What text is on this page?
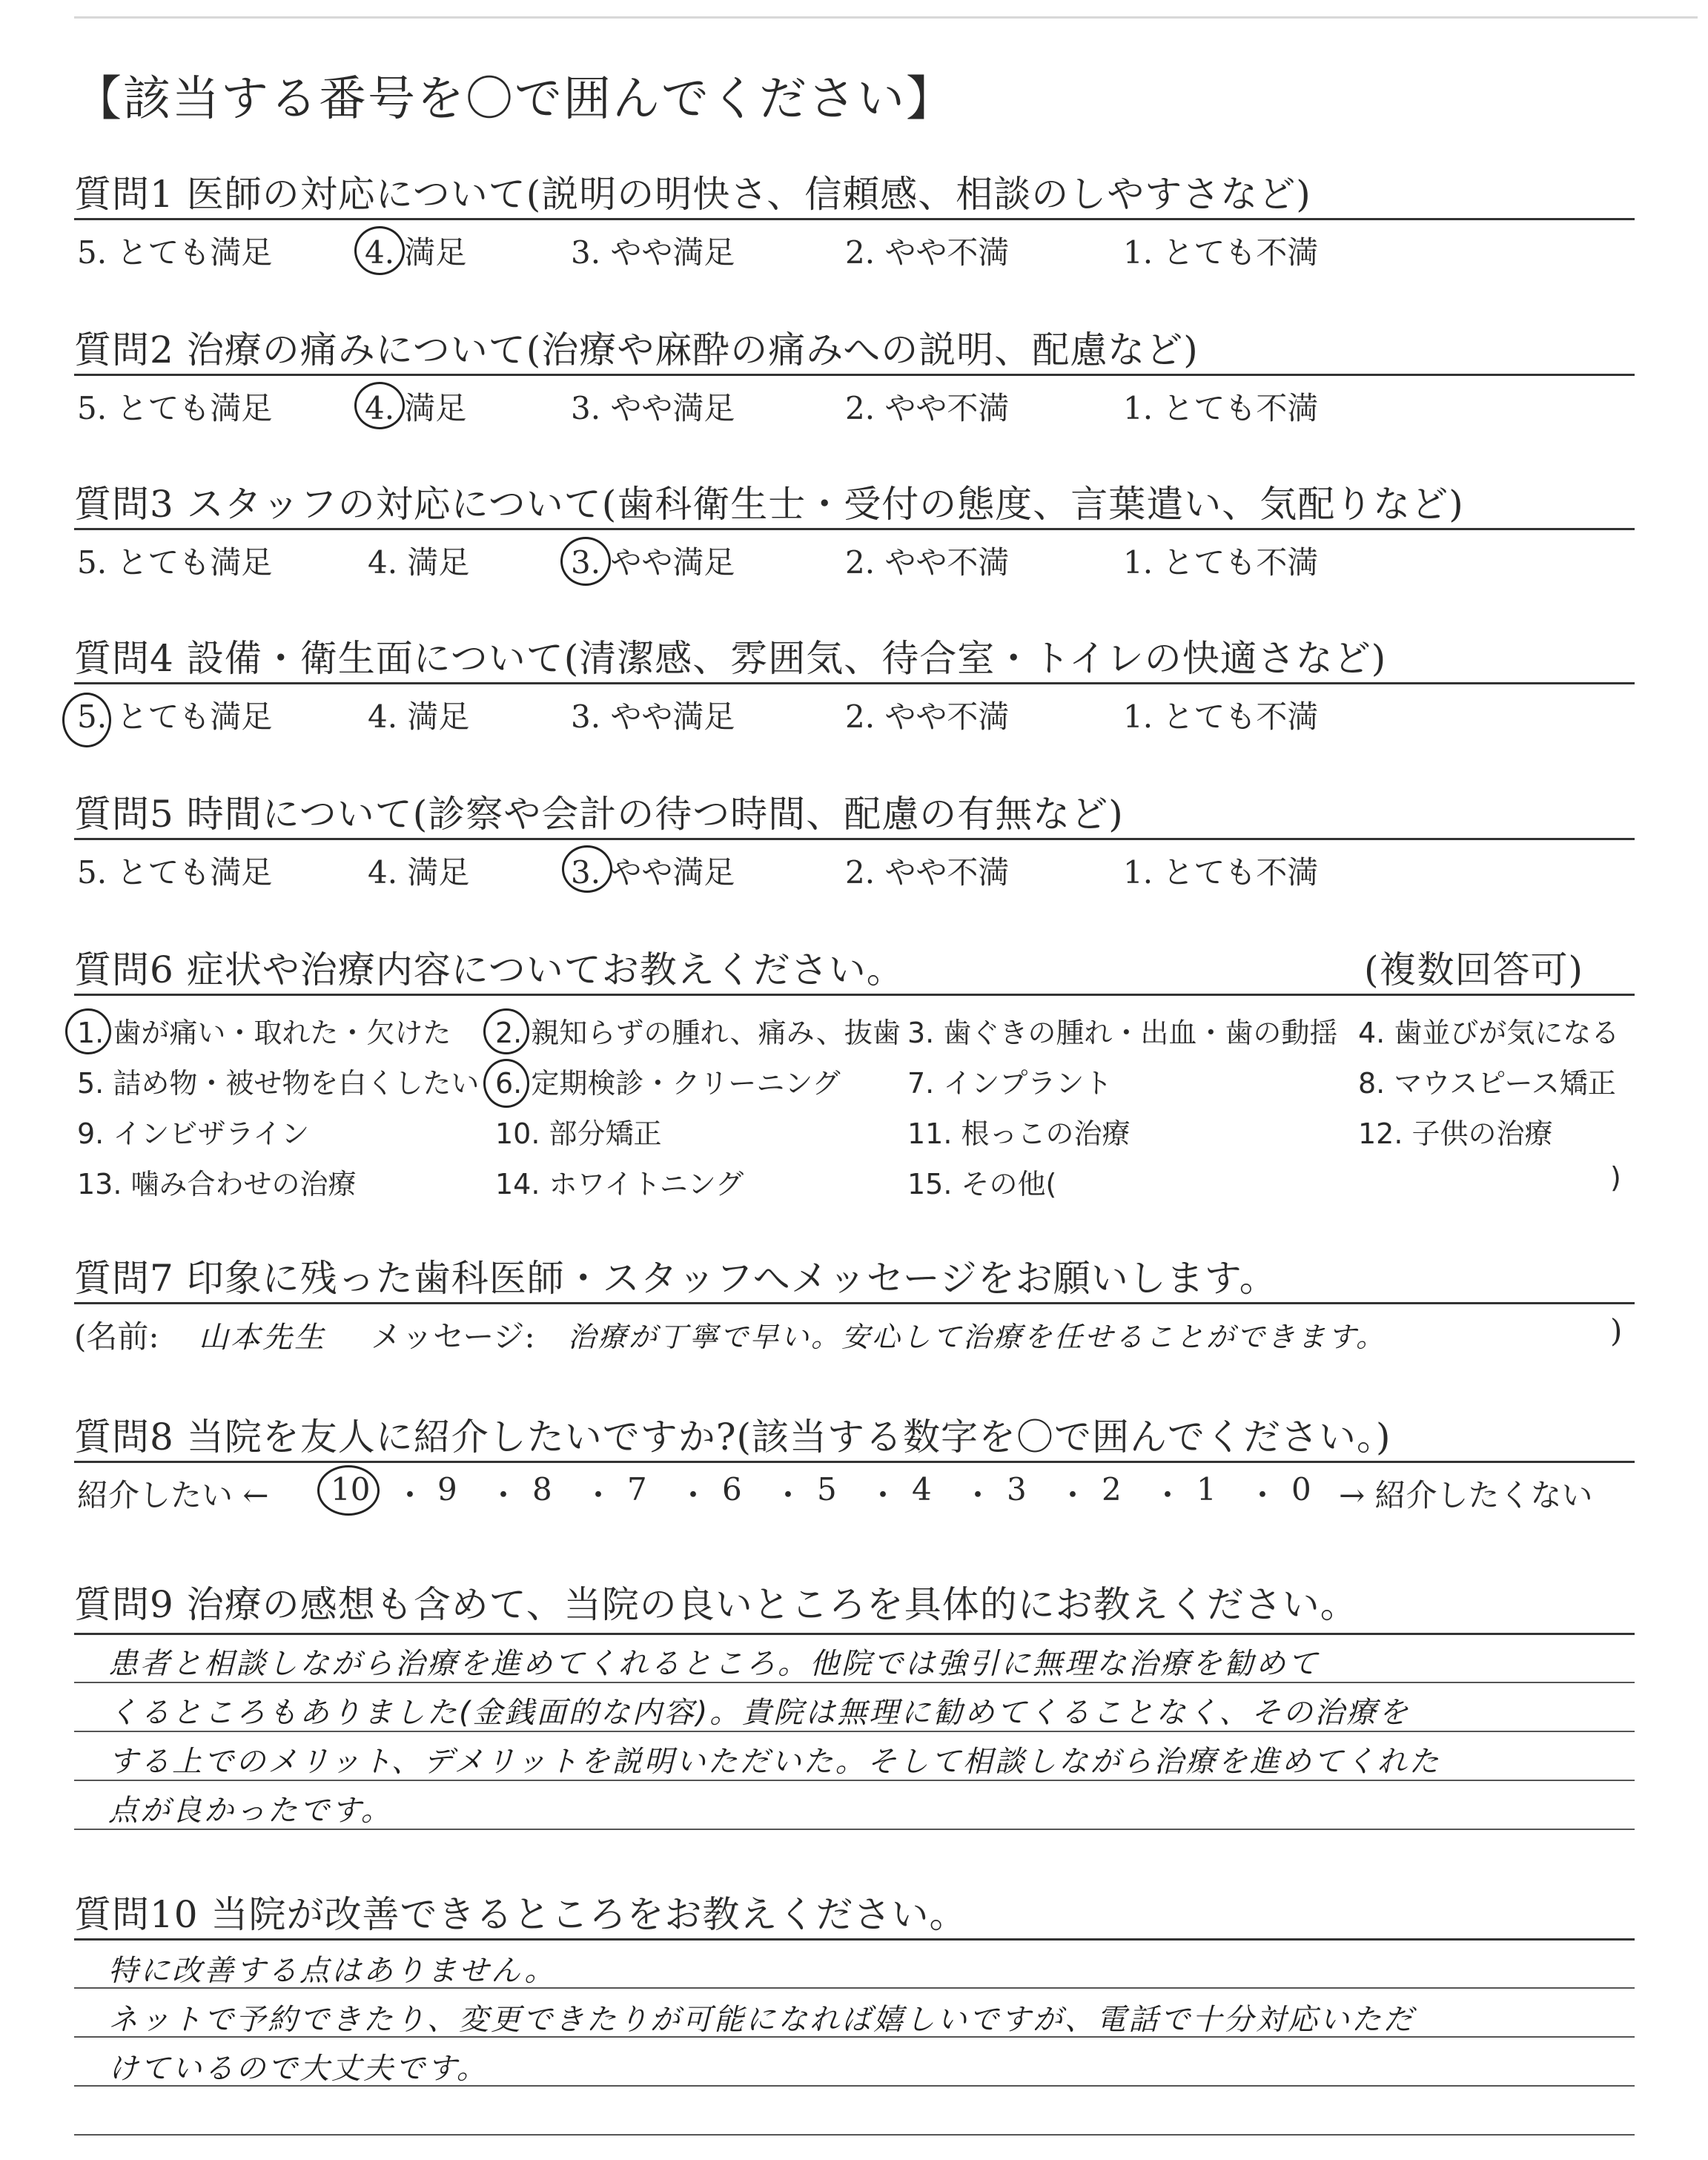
【該当する番号を〇で囲んでください】
質問1 医師の対応について(説明の明快さ、信頼感、相談のしやすさなど)
5. とても満足	4. 満足	3. やや満足	2. やや不満	1. とても不満
質問2 治療の痛みについて(治療や麻酔の痛みへの説明、配慮など)
5. とても満足	4. 満足	3. やや満足	2. やや不満	1. とても不満
質問3 スタッフの対応について(歯科衛生士・受付の態度、言葉遣い、気配りなど)
5. とても満足	4. 満足	3. やや満足	2. やや不満	1. とても不満
質問4 設備・衛生面について(清潔感、雰囲気、待合室・トイレの快適さなど)
5. とても満足	4. 満足	3. やや満足	2. やや不満	1. とても不満
質問5 時間について(診察や会計の待つ時間、配慮の有無など)
5. とても満足	4. 満足	3. やや満足	2. やや不満	1. とても不満
質問6 症状や治療内容についてお教えください。	(複数回答可)
1. 歯が痛い・取れた・欠けた 2. 親知らずの腫れ、痛み、抜歯 3. 歯ぐきの腫れ・出血・歯の動揺 4. 歯並びが気になる
5. 詰め物・被せ物を白くしたい 6. 定期検診・クリーニング 7. インプラント	8. マウスピース矯正
9. インビザライン	10. 部分矯正	11. 根っこの治療	12. 子供の治療
13. 噛み合わせの治療	14. ホワイトニング	15. その他(	)
質問7 印象に残った歯科医師・スタッフへメッセージをお願いします。
(名前: 山本先生 メッセージ: 治療が丁寧で早い。安心して治療を任せることができます。	)
質問8 当院を友人に紹介したいですか?(該当する数字を〇で囲んでください。)
紹介したい ← 10 ・ 9 ・ 8 ・ 7 ・ 6 ・ 5 ・ 4 ・ 3 ・ 2 ・ 1 ・ 0 → 紹介したくない
質問9 治療の感想も含めて、当院の良いところを具体的にお教えください。
患者と相談しながら治療を進めてくれるところ。他院では強引に無理な治療を勧めて
くるところもありました(金銭面的な内容)。貴院は無理に勧めてくることなく、その治療を
する上でのメリット、デメリットを説明いただいた。そして相談しながら治療を進めてくれた
点が良かったです。
質問10 当院が改善できるところをお教えください。
特に改善する点はありません。
ネットで予約できたり、変更できたりが可能になれば嬉しいですが、電話で十分対応いただ
けているので大丈夫です。
